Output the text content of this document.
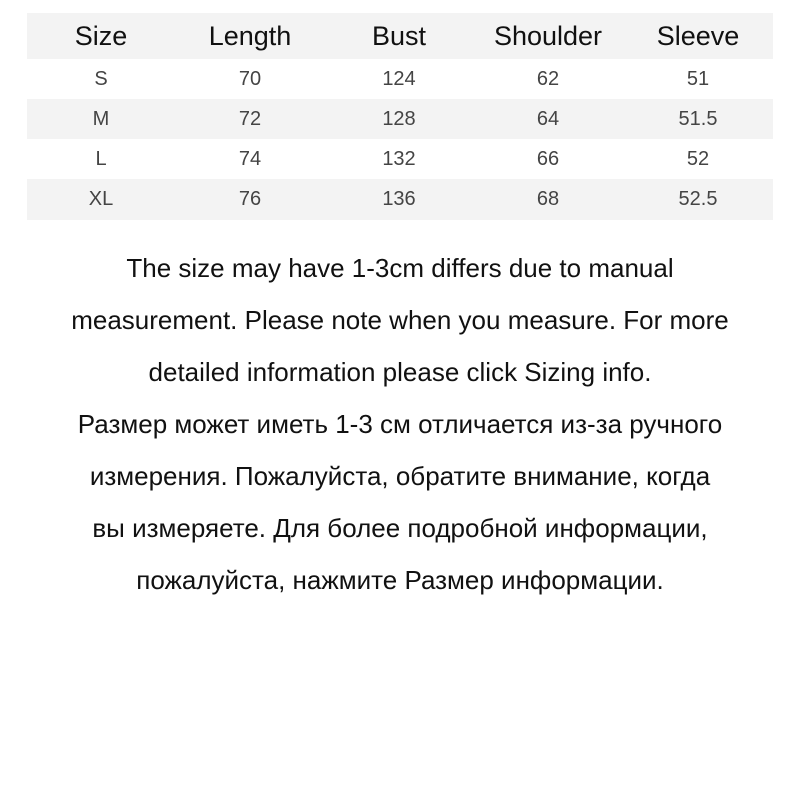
Size	Length	Bust	Shoulder	Sleeve
S	70	124	62	51
M	72	128	64	51.5
L	74	132	66	52
XL	76	136	68	52.5
The size may have 1-3cm differs due to manual
measurement. Please note when you measure. For more
detailed information please click Sizing info.
Размер может иметь 1-3 см отличается из-за ручного
измерения. Пожалуйста, обратите внимание, когда
вы измеряете. Для более подробной информации,
пожалуйста, нажмите Размер информации.
